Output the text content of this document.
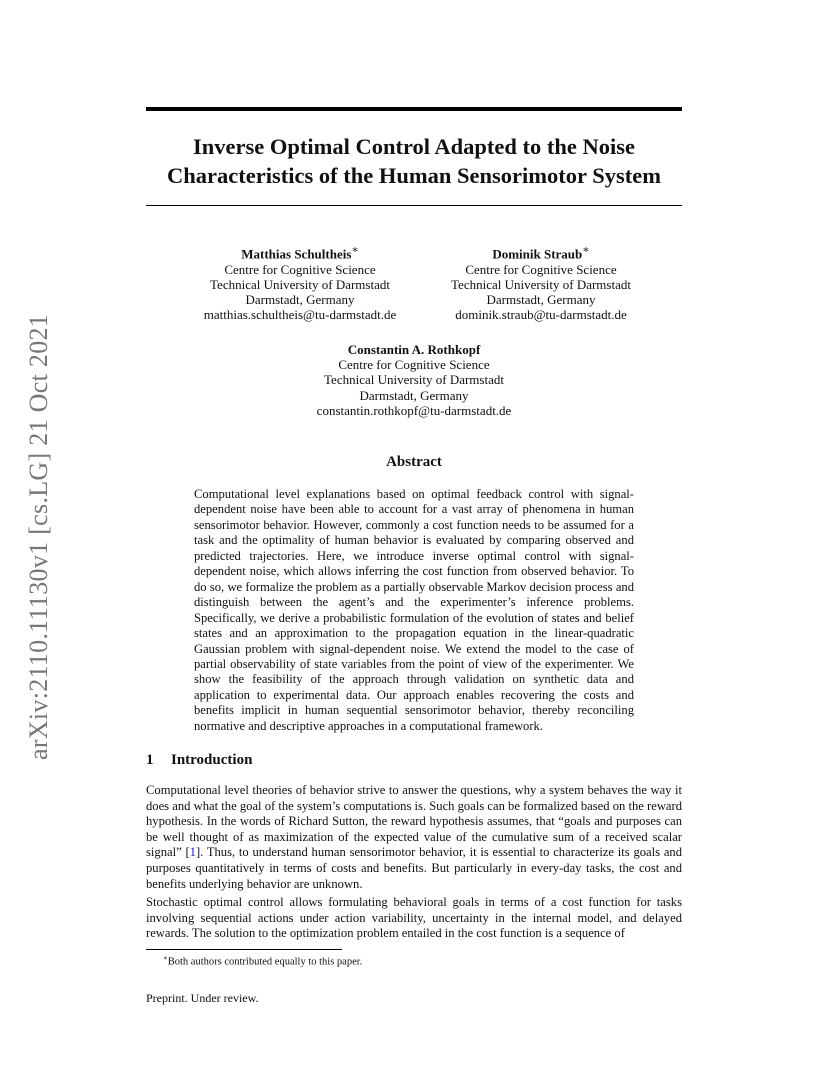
arXiv:2110.11130v1 [cs.LG] 21 Oct 2021
Inverse Optimal Control Adapted to the Noise
Characteristics of the Human Sensorimotor System
Matthias Schultheis∗
Centre for Cognitive Science
Technical University of Darmstadt
Darmstadt, Germany
matthias.schultheis@tu-darmstadt.de
Dominik Straub∗
Centre for Cognitive Science
Technical University of Darmstadt
Darmstadt, Germany
dominik.straub@tu-darmstadt.de
Constantin A. Rothkopf
Centre for Cognitive Science
Technical University of Darmstadt
Darmstadt, Germany
constantin.rothkopf@tu-darmstadt.de
Abstract
Computational level explanations based on optimal feedback control with signal-dependent noise have been able to account for a vast array of phenomena in human sensorimotor behavior. However, commonly a cost function needs to be assumed for a task and the optimality of human behavior is evaluated by comparing observed and predicted trajectories. Here, we introduce inverse optimal control with signal-dependent noise, which allows inferring the cost function from observed behavior. To do so, we formalize the problem as a partially observable Markov decision process and distinguish between the agent’s and the experimenter’s inference problems. Specifically, we derive a probabilistic formulation of the evolution of states and belief states and an approximation to the propagation equation in the linear-quadratic Gaussian problem with signal-dependent noise. We extend the model to the case of partial observability of state variables from the point of view of the experimenter. We show the feasibility of the approach through validation on synthetic data and application to experimental data. Our approach enables recovering the costs and benefits implicit in human sequential sensorimotor behavior, thereby reconciling normative and descriptive approaches in a computational framework.
1 Introduction
Computational level theories of behavior strive to answer the questions, why a system behaves the way it does and what the goal of the system’s computations is. Such goals can be formalized based on the reward hypothesis. In the words of Richard Sutton, the reward hypothesis assumes, that “goals and purposes can be well thought of as maximization of the expected value of the cumulative sum of a received scalar signal” [1]. Thus, to understand human sensorimotor behavior, it is essential to characterize its goals and purposes quantitatively in terms of costs and benefits. But particularly in every-day tasks, the cost and benefits underlying behavior are unknown.
Stochastic optimal control allows formulating behavioral goals in terms of a cost function for tasks involving sequential actions under action variability, uncertainty in the internal model, and delayed rewards. The solution to the optimization problem entailed in the cost function is a sequence of
∗Both authors contributed equally to this paper.
Preprint. Under review.
